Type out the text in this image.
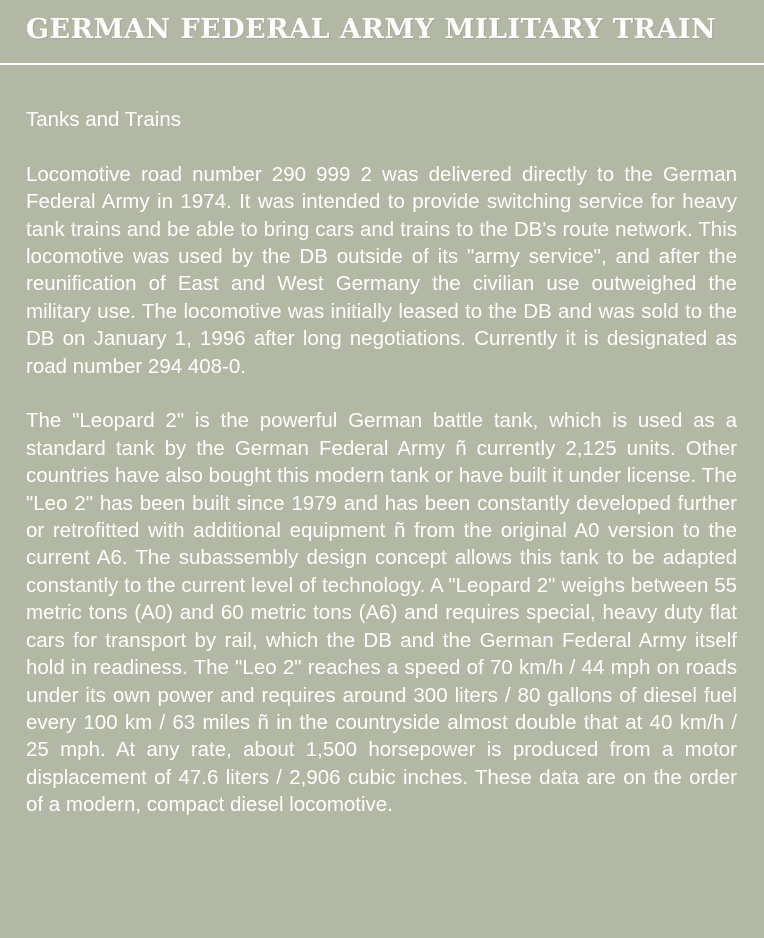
GERMAN FEDERAL ARMY MILITARY TRAIN

Tanks and Trains

Locomotive road number 290 999 2 was delivered directly to the German Federal Army in 1974. It was intended to provide switching service for heavy tank trains and be able to bring cars and trains to the DB's route network. This locomotive was used by the DB outside of its "army service", and after the reunification of East and West Germany the civilian use outweighed the military use. The locomotive was initially leased to the DB and was sold to the DB on January 1, 1996 after long negotiations. Currently it is designated as road number 294 408-0.

The "Leopard 2" is the powerful German battle tank, which is used as a standard tank by the German Federal Army ñ currently 2,125 units. Other countries have also bought this modern tank or have built it under license. The "Leo 2" has been built since 1979 and has been constantly developed further or retrofitted with additional equipment ñ from the original A0 version to the current A6. The subassembly design concept allows this tank to be adapted constantly to the current level of technology. A "Leopard 2" weighs between 55 metric tons (A0) and 60 metric tons (A6) and requires special, heavy duty flat cars for transport by rail, which the DB and the German Federal Army itself hold in readiness. The "Leo 2" reaches a speed of 70 km/h / 44 mph on roads under its own power and requires around 300 liters / 80 gallons of diesel fuel every 100 km / 63 miles ñ in the countryside almost double that at 40 km/h / 25 mph. At any rate, about 1,500 horsepower is produced from a motor displacement of 47.6 liters / 2,906 cubic inches. These data are on the order of a modern, compact diesel locomotive.
